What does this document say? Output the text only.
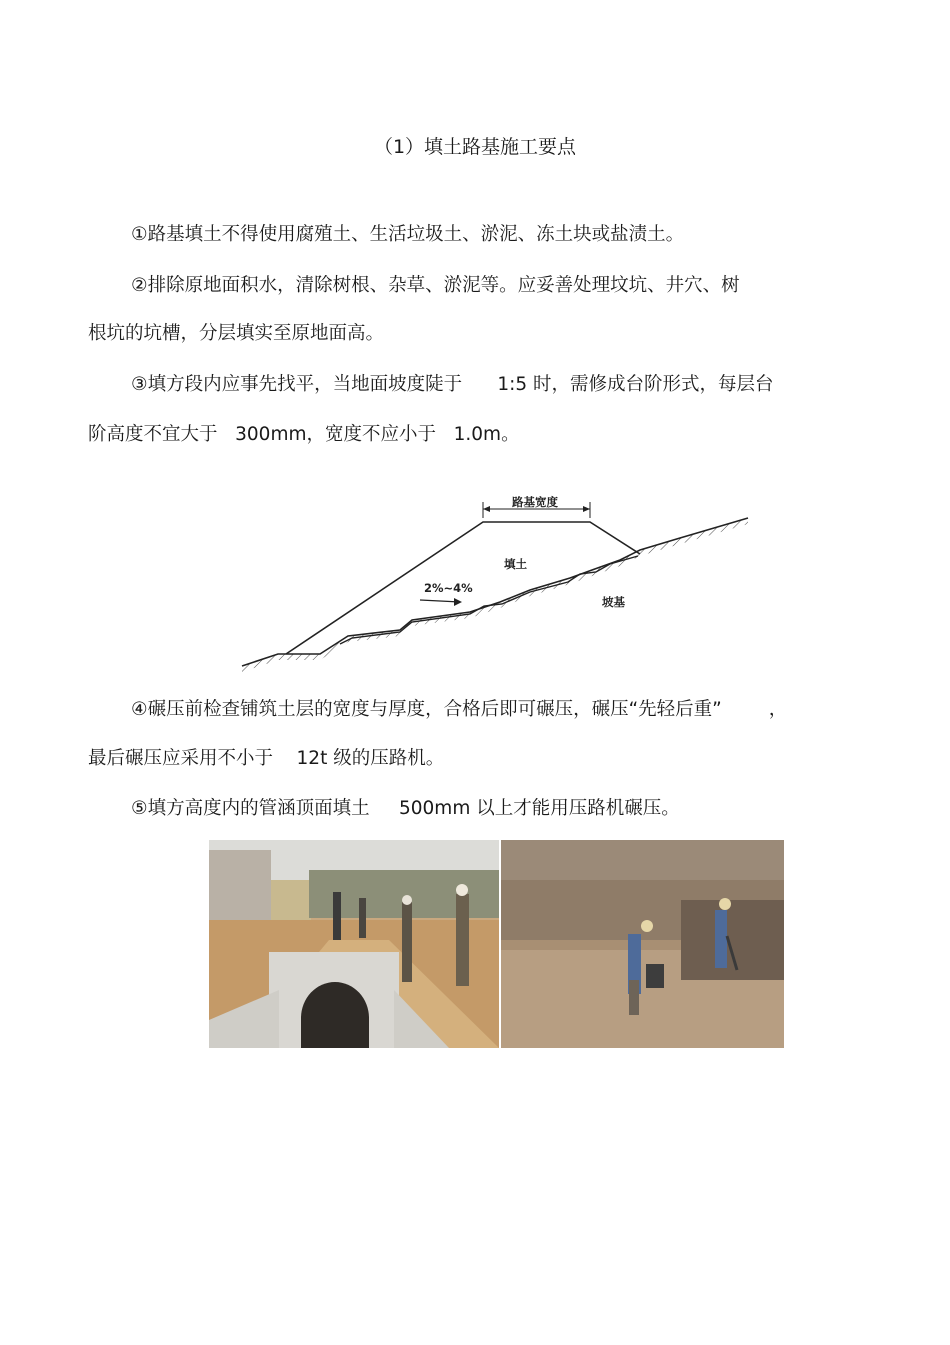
（1）填土路基施工要点
①路基填土不得使用腐殖土、生活垃圾土、淤泥、冻土块或盐渍土。
②排除原地面积水，清除树根、杂草、淤泥等。应妥善处理坟坑、井穴、树
根坑的坑槽，分层填实至原地面高。
③填方段内应事先找平，当地面坡度陡于      1:5 时，需修成台阶形式，每层台
阶高度不宜大于   300mm，宽度不应小于   1.0m。
路基宽度
填土
2%~4%
坡基
④碾压前检查铺筑土层的宽度与厚度，合格后即可碾压，碾压“先轻后重”        ，
最后碾压应采用不小于    12t 级的压路机。
⑤填方高度内的管涵顶面填土     500mm 以上才能用压路机碾压。
